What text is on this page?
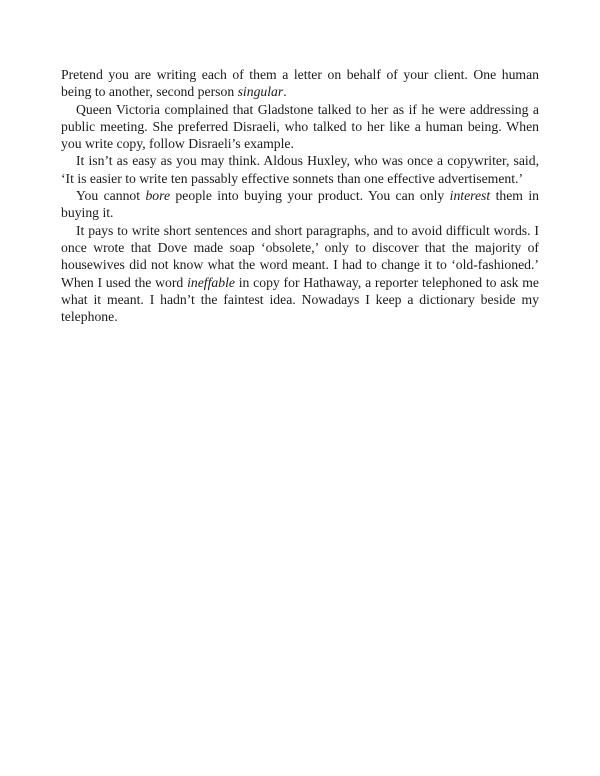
Pretend you are writing each of them a letter on behalf of your client. One human being to another, second person singular.

Queen Victoria complained that Gladstone talked to her as if he were addressing a public meeting. She preferred Disraeli, who talked to her like a human being. When you write copy, follow Disraeli’s example.

It isn’t as easy as you may think. Aldous Huxley, who was once a copywriter, said, ‘It is easier to write ten passably effective sonnets than one effective advertisement.’

You cannot bore people into buying your product. You can only interest them in buying it.

It pays to write short sentences and short paragraphs, and to avoid difficult words. I once wrote that Dove made soap ‘obsolete,’ only to discover that the majority of housewives did not know what the word meant. I had to change it to ‘old-fashioned.’ When I used the word ineffable in copy for Hathaway, a reporter telephoned to ask me what it meant. I hadn’t the faintest idea. Nowadays I keep a dictionary beside my telephone.
